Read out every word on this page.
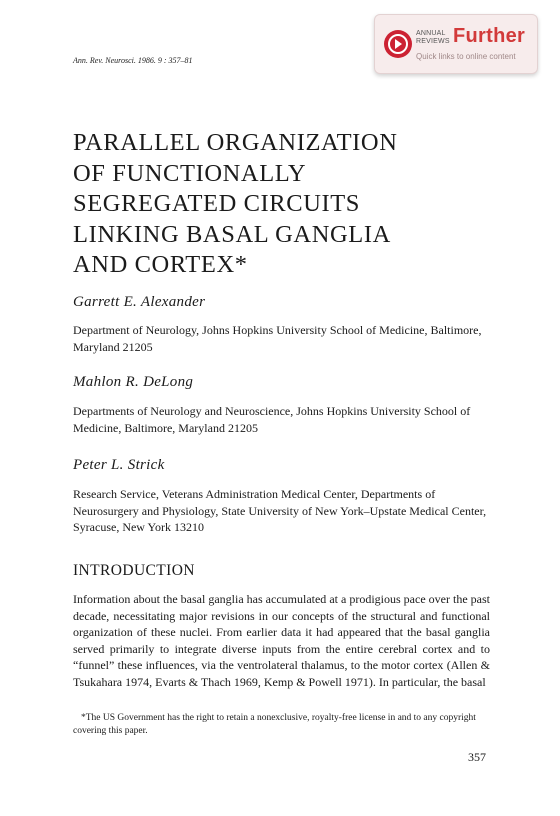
ANNUAL
REVIEWS Further
Quick links to online content
Ann. Rev. Neurosci. 1986. 9 : 357–81
PARALLEL ORGANIZATION
OF FUNCTIONALLY
SEGREGATED CIRCUITS
LINKING BASAL GANGLIA
AND CORTEX*
Garrett E. Alexander
Department of Neurology, Johns Hopkins University School of Medicine, Baltimore, Maryland 21205
Mahlon R. DeLong
Departments of Neurology and Neuroscience, Johns Hopkins University School of Medicine, Baltimore, Maryland 21205
Peter L. Strick
Research Service, Veterans Administration Medical Center, Departments of Neurosurgery and Physiology, State University of New York–Upstate Medical Center, Syracuse, New York 13210
INTRODUCTION
Information about the basal ganglia has accumulated at a prodigious pace over the past decade, necessitating major revisions in our concepts of the structural and functional organization of these nuclei. From earlier data it had appeared that the basal ganglia served primarily to integrate diverse inputs from the entire cerebral cortex and to “funnel” these influences, via the ventrolateral thalamus, to the motor cortex (Allen & Tsukahara 1974, Evarts & Thach 1969, Kemp & Powell 1971). In particular, the basal
*The US Government has the right to retain a nonexclusive, royalty-free license in and to any copyright covering this paper.
357
